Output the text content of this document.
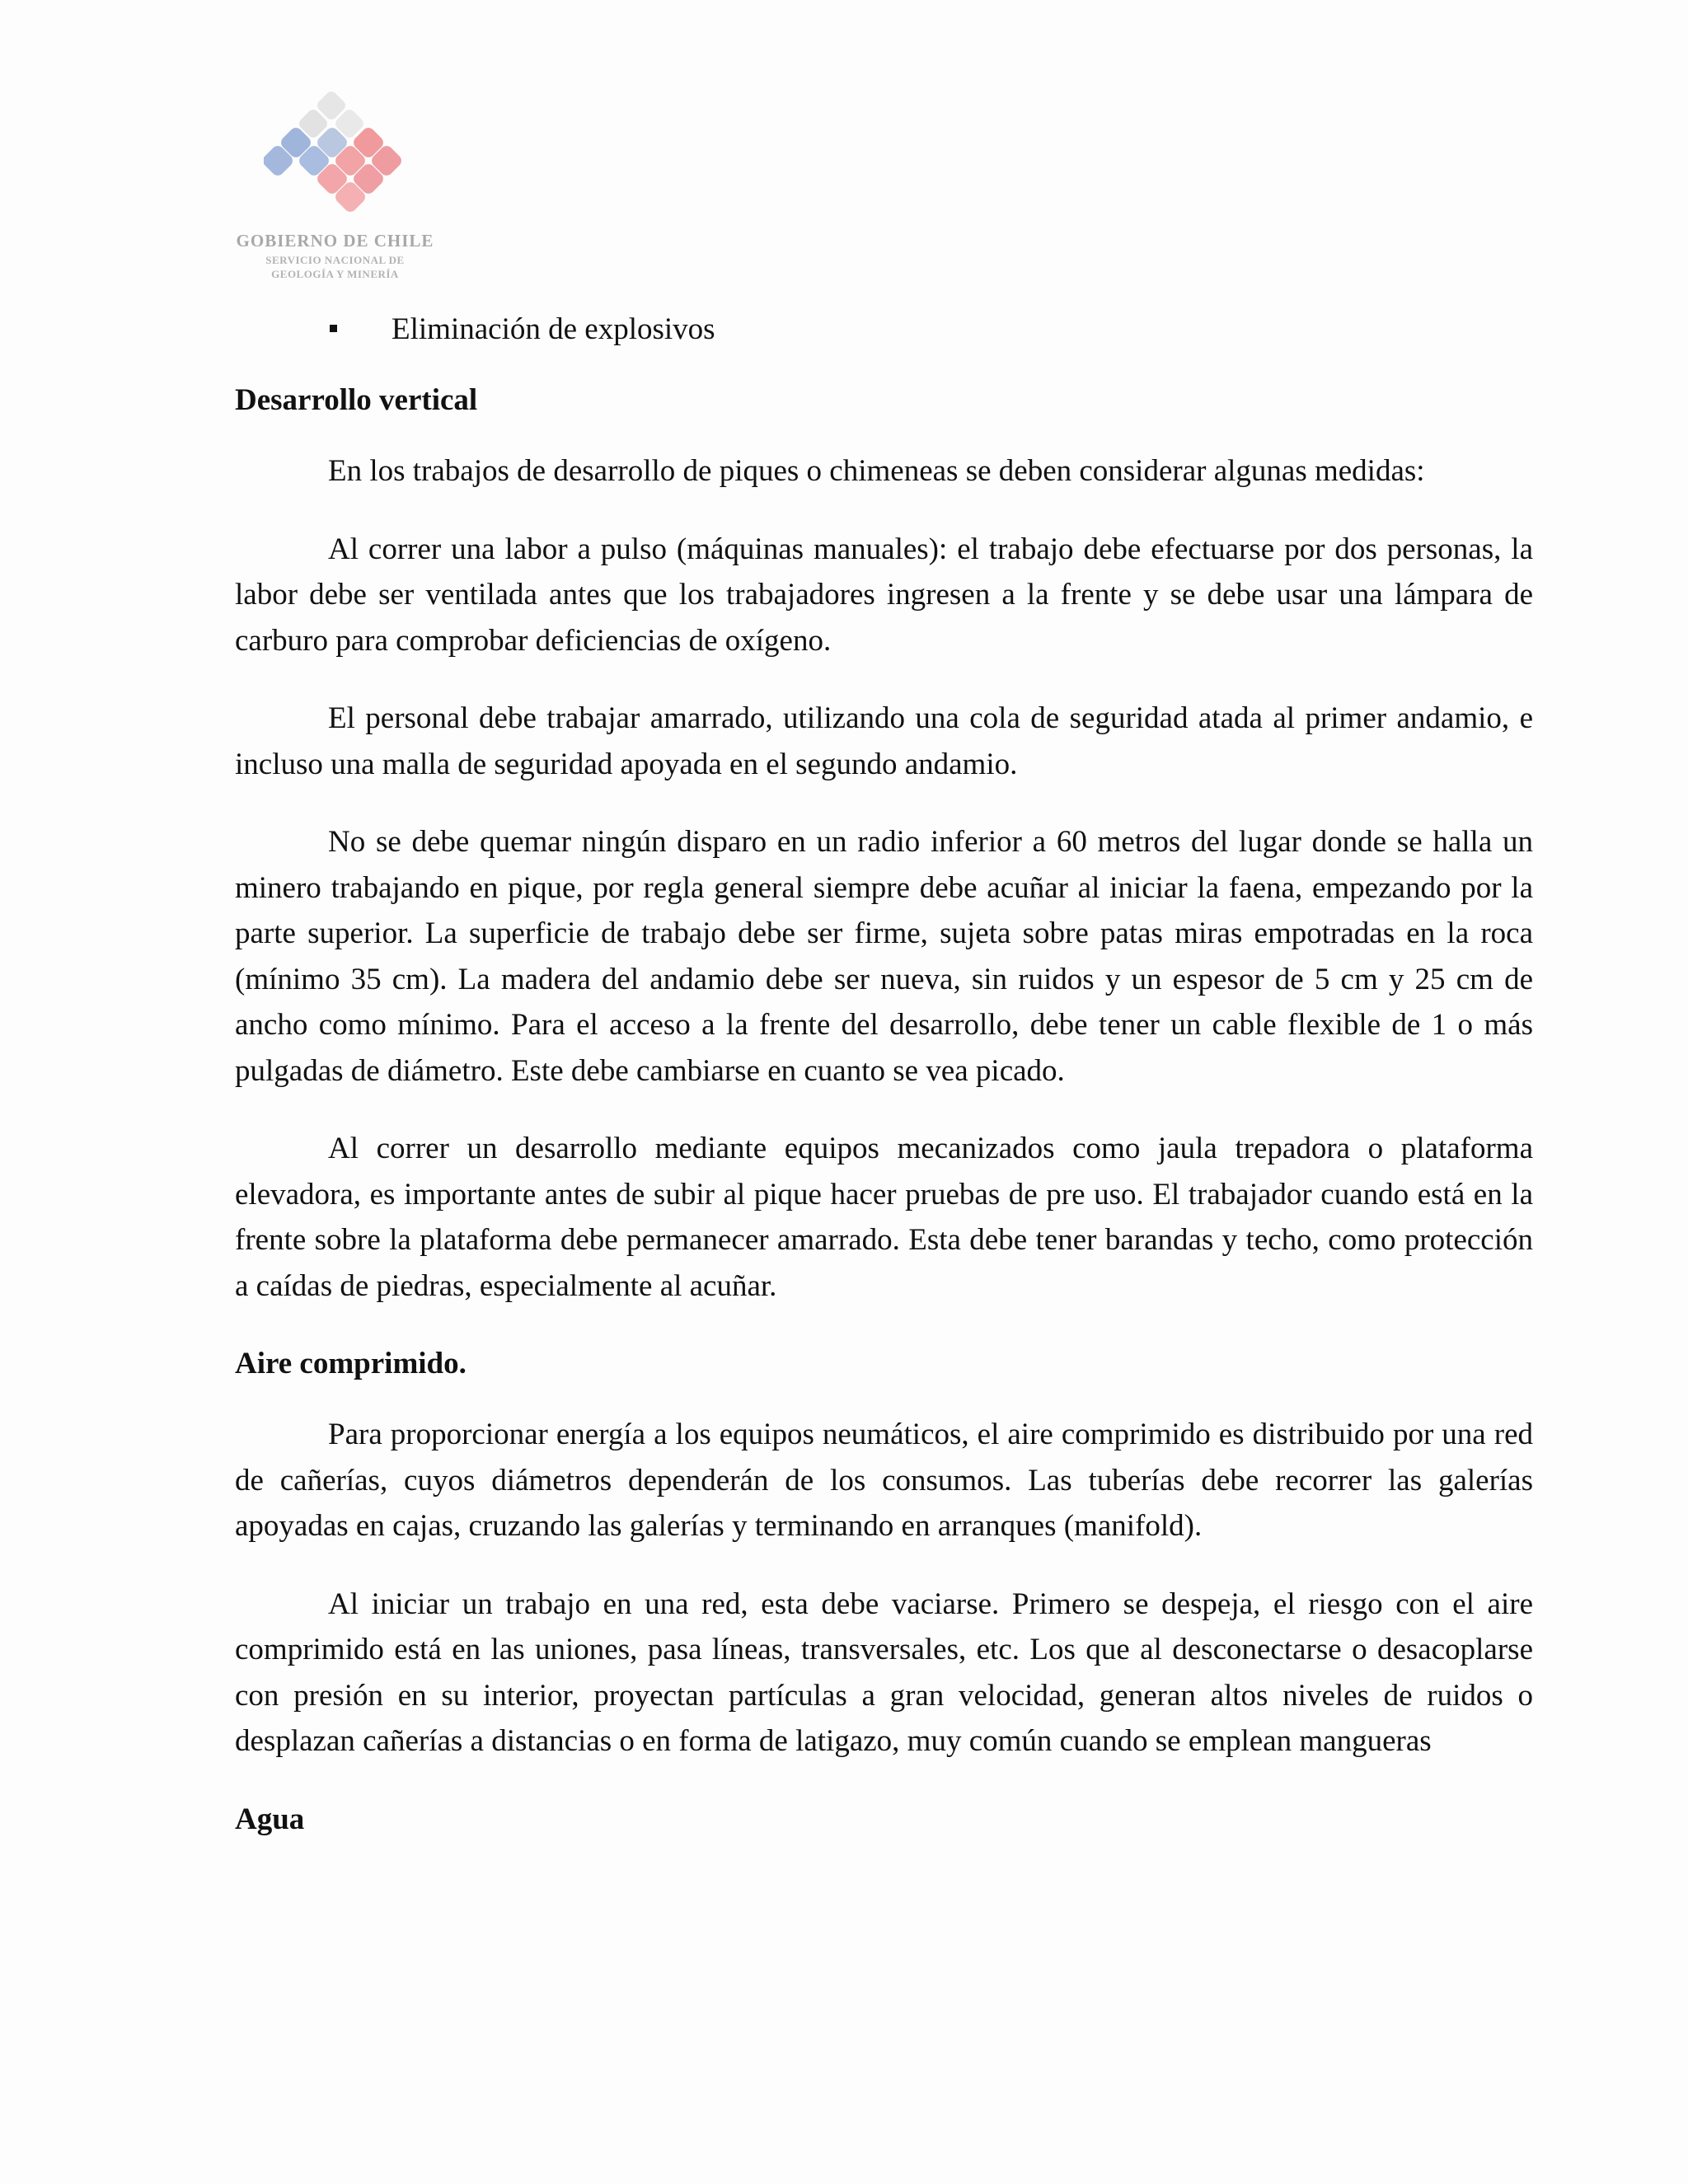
GOBIERNO DE CHILE
SERVICIO NACIONAL DE
GEOLOGÍA Y MINERÍA
Eliminación de explosivos
Desarrollo vertical

En los trabajos de desarrollo de piques o chimeneas se deben considerar algunas medidas:

Al correr una labor a pulso (máquinas manuales): el trabajo debe efectuarse por dos personas, la labor debe ser ventilada antes que los trabajadores ingresen a la frente y se debe usar una lámpara de carburo para comprobar deficiencias de oxígeno.

El personal debe trabajar amarrado, utilizando una cola de seguridad atada al primer andamio, e incluso una malla de seguridad apoyada en el segundo andamio.

No se debe quemar ningún disparo en un radio inferior a 60 metros del lugar donde se halla un minero trabajando en pique, por regla general siempre debe acuñar al iniciar la faena, empezando por la parte superior. La superficie de trabajo debe ser firme, sujeta sobre patas miras empotradas en la roca (mínimo 35 cm). La madera del andamio debe ser nueva, sin ruidos y un espesor de 5 cm y 25 cm de ancho como mínimo. Para el acceso a la frente del desarrollo, debe tener un cable flexible de 1 o más pulgadas de diámetro. Este debe cambiarse en cuanto se vea picado.

Al correr un desarrollo mediante equipos mecanizados como jaula trepadora o plataforma elevadora, es importante antes de subir al pique hacer pruebas de pre uso. El trabajador cuando está en la frente sobre la plataforma debe permanecer amarrado. Esta debe tener barandas y techo, como protección a caídas de piedras, especialmente al acuñar.

Aire comprimido.

Para proporcionar energía a los equipos neumáticos, el aire comprimido es distribuido por una red de cañerías, cuyos diámetros dependerán de los consumos. Las tuberías debe recorrer las galerías apoyadas en cajas, cruzando las galerías y terminando en arranques (manifold).

Al iniciar un trabajo en una red, esta debe vaciarse. Primero se despeja, el riesgo con el aire comprimido está en las uniones, pasa líneas, transversales, etc. Los que al desconectarse o desacoplarse con presión en su interior, proyectan partículas a gran velocidad, generan altos niveles de ruidos o desplazan cañerías a distancias o en forma de latigazo, muy común cuando se emplean mangueras

Agua
